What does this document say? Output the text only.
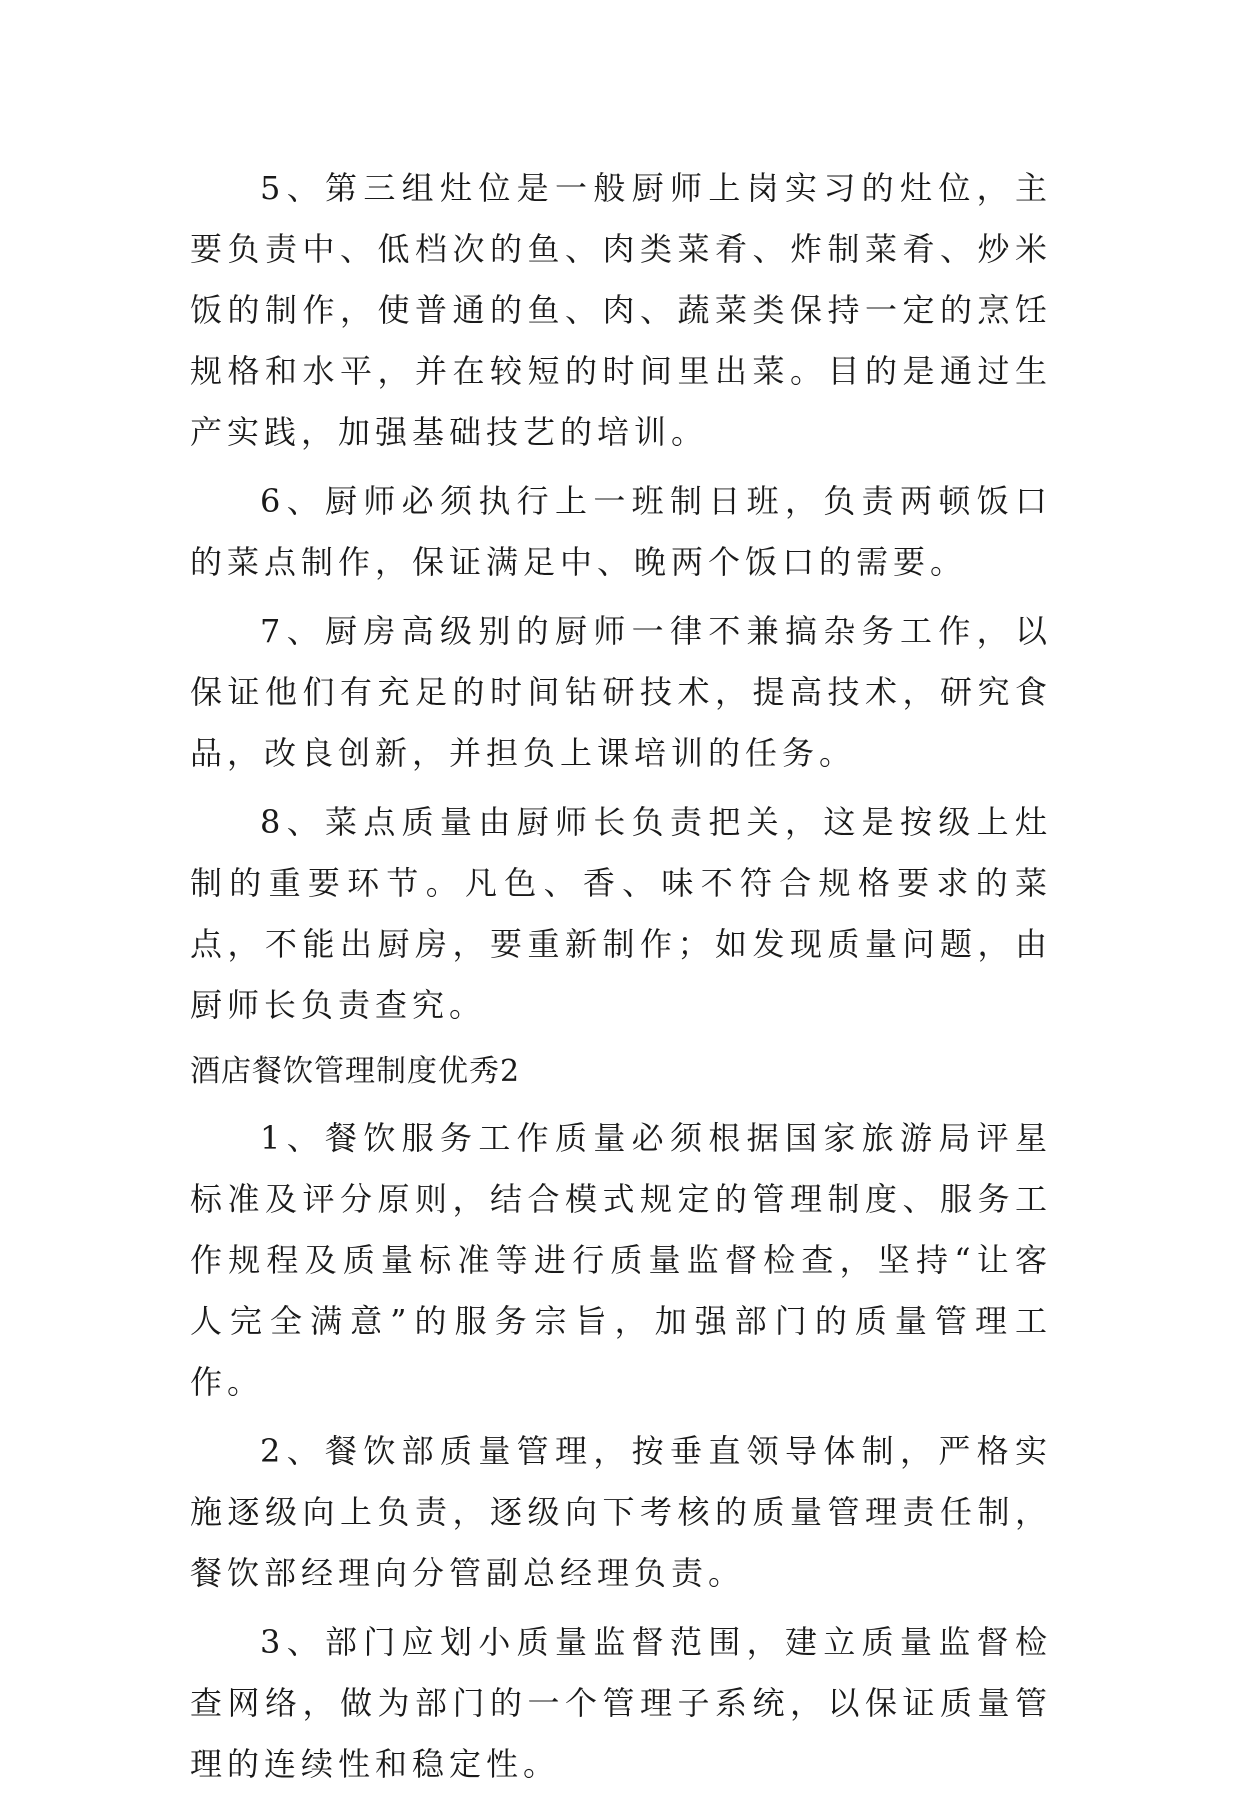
5、第三组灶位是一般厨师上岗实习的灶位，主要负责中、低档次的鱼、肉类菜肴、炸制菜肴、炒米饭的制作，使普通的鱼、肉、蔬菜类保持一定的烹饪规格和水平，并在较短的时间里出菜。目的是通过生产实践，加强基础技艺的培训。

6、厨师必须执行上一班制日班，负责两顿饭口的菜点制作，保证满足中、晚两个饭口的需要。

7、厨房高级别的厨师一律不兼搞杂务工作，以保证他们有充足的时间钻研技术，提高技术，研究食品，改良创新，并担负上课培训的任务。

8、菜点质量由厨师长负责把关，这是按级上灶制的重要环节。凡色、香、味不符合规格要求的菜点，不能出厨房，要重新制作；如发现质量问题，由厨师长负责查究。

酒店餐饮管理制度优秀2

1、餐饮服务工作质量必须根据国家旅游局评星标准及评分原则，结合模式规定的管理制度、服务工作规程及质量标准等进行质量监督检查，坚持“让客人完全满意”的服务宗旨，加强部门的质量管理工作。

2、餐饮部质量管理，按垂直领导体制，严格实施逐级向上负责，逐级向下考核的质量管理责任制，餐饮部经理向分管副总经理负责。

3、部门应划小质量监督范围，建立质量监督检查网络，做为部门的一个管理子系统，以保证质量管理的连续性和稳定性。
